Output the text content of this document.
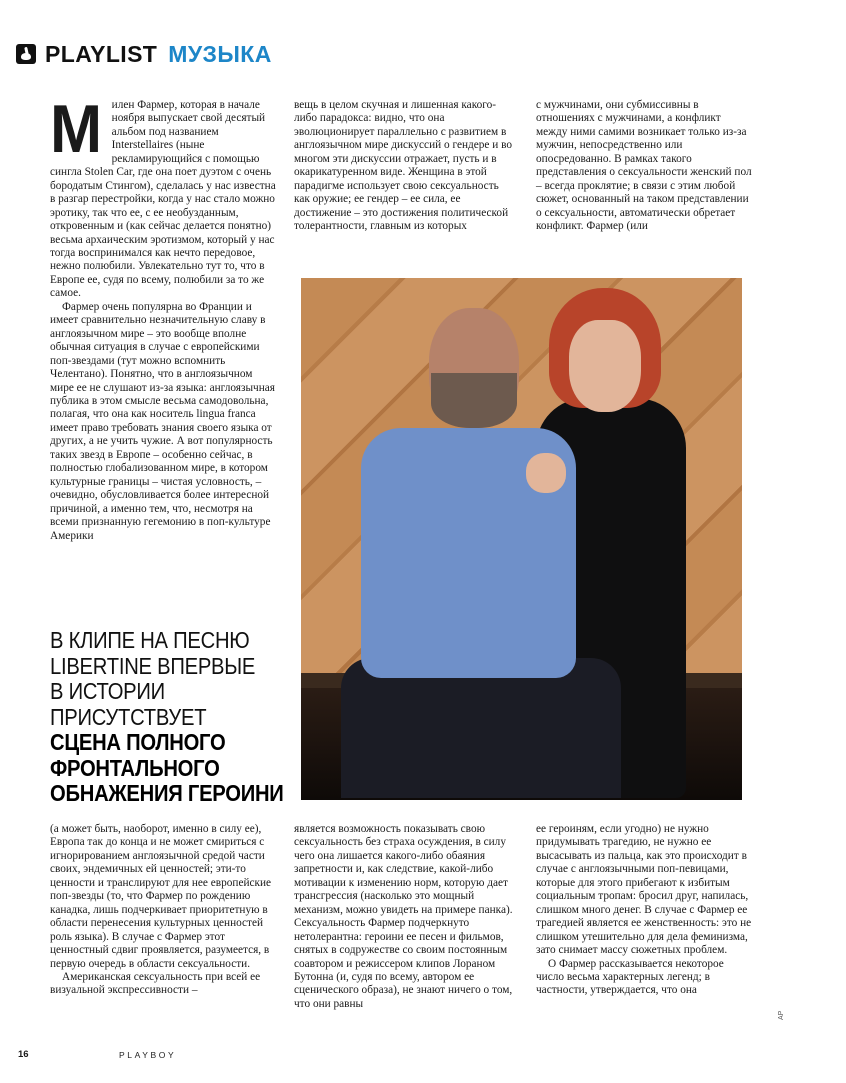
PLAYLIST МУЗЫКА
М илен Фармер, которая в начале ноября выпускает свой десятый альбом под названием Interstellaires (ныне рекламирующийся с помощью сингла Stolen Car, где она поет дуэтом с очень бородатым Стингом), сделалась у нас известна в разгар перестройки, когда у нас стало можно эротику, так что ее, с ее необузданным, откровенным и (как сейчас делается понятно) весьма архаическим эротизмом, который у нас тогда воспринимался как нечто передовое, нежно полюбили. Увлекательно тут то, что в Европе ее, судя по всему, полюбили за то же самое.

Фармер очень популярна во Франции и имеет сравнительно незначительную славу в англоязычном мире – это вообще вполне обычная ситуация в случае с европейскими поп-звездами (тут можно вспомнить Челентано). Понятно, что в англоязычном мире ее не слушают из-за языка: англоязычная публика в этом смысле весьма самодовольна, полагая, что она как носитель lingua franca имеет право требовать знания своего языка от других, а не учить чужие. А вот популярность таких звезд в Европе – особенно сейчас, в полностью глобализованном мире, в котором культурные границы – чистая условность, – очевидно, обусловливается более интересной причиной, а именно тем, что, несмотря на всеми признанную гегемонию в поп-культуре Америки

вещь в целом скучная и лишенная какого-либо парадокса: видно, что она эволюционирует параллельно с развитием в англоязычном мире дискуссий о гендере и во многом эти дискуссии отражает, пусть и в окарикатуренном виде. Женщина в этой парадигме использует свою сексуальность как оружие; ее гендер – ее сила, ее достижение – это достижения политической толерантности, главным из которых

с мужчинами, они субмиссивны в отношениях с мужчинами, а конфликт между ними самими возникает только из-за мужчин, непосредственно или опосредованно. В рамках такого представления о сексуальности женский пол – всегда проклятие; в связи с этим любой сюжет, основанный на таком представлении о сексуальности, автоматически обретает конфликт. Фармер (или

В КЛИПЕ НА ПЕСНЮ
LIBERTINE ВПЕРВЫЕ
В ИСТОРИИ
ПРИСУТСТВУЕТ
СЦЕНА ПОЛНОГО
ФРОНТАЛЬНОГО
ОБНАЖЕНИЯ ГЕРОИНИ

(а может быть, наоборот, именно в силу ее), Европа так до конца и не может смириться с игнорированием англоязычной средой части своих, эндемичных ей ценностей; эти-то ценности и транслируют для нее европейские поп-звезды (то, что Фармер по рождению канадка, лишь подчеркивает приоритетную в области перенесения культурных ценностей роль языка). В случае с Фармер этот ценностный сдвиг проявляется, разумеется, в первую очередь в области сексуальности.

Американская сексуальность при всей ее визуальной экспрессивности –

является возможность показывать свою сексуальность без страха осуждения, в силу чего она лишается какого-либо обаяния запретности и, как следствие, какой-либо мотивации к изменению норм, которую дает трансгрессия (насколько это мощный механизм, можно увидеть на примере панка). Сексуальность Фармер подчеркнуто нетолерантна: героини ее песен и фильмов, снятых в содружестве со своим постоянным соавтором и режиссером клипов Лораном Бутонна (и, судя по всему, автором ее сценического образа), не знают ничего о том, что они равны

ее героиням, если угодно) не нужно придумывать трагедию, не нужно ее высасывать из пальца, как это происходит в случае с англоязычными поп-певицами, которые для этого прибегают к избитым социальным тропам: бросил друг, напилась, слишком много денег. В случае с Фармер ее трагедией является ее женственность: это не слишком утешительно для дела феминизма, зато снимает массу сюжетных проблем.

О Фармер рассказывается некоторое число весьма характерных легенд; в частности, утверждается, что она

AP
16	PLAYBOY
